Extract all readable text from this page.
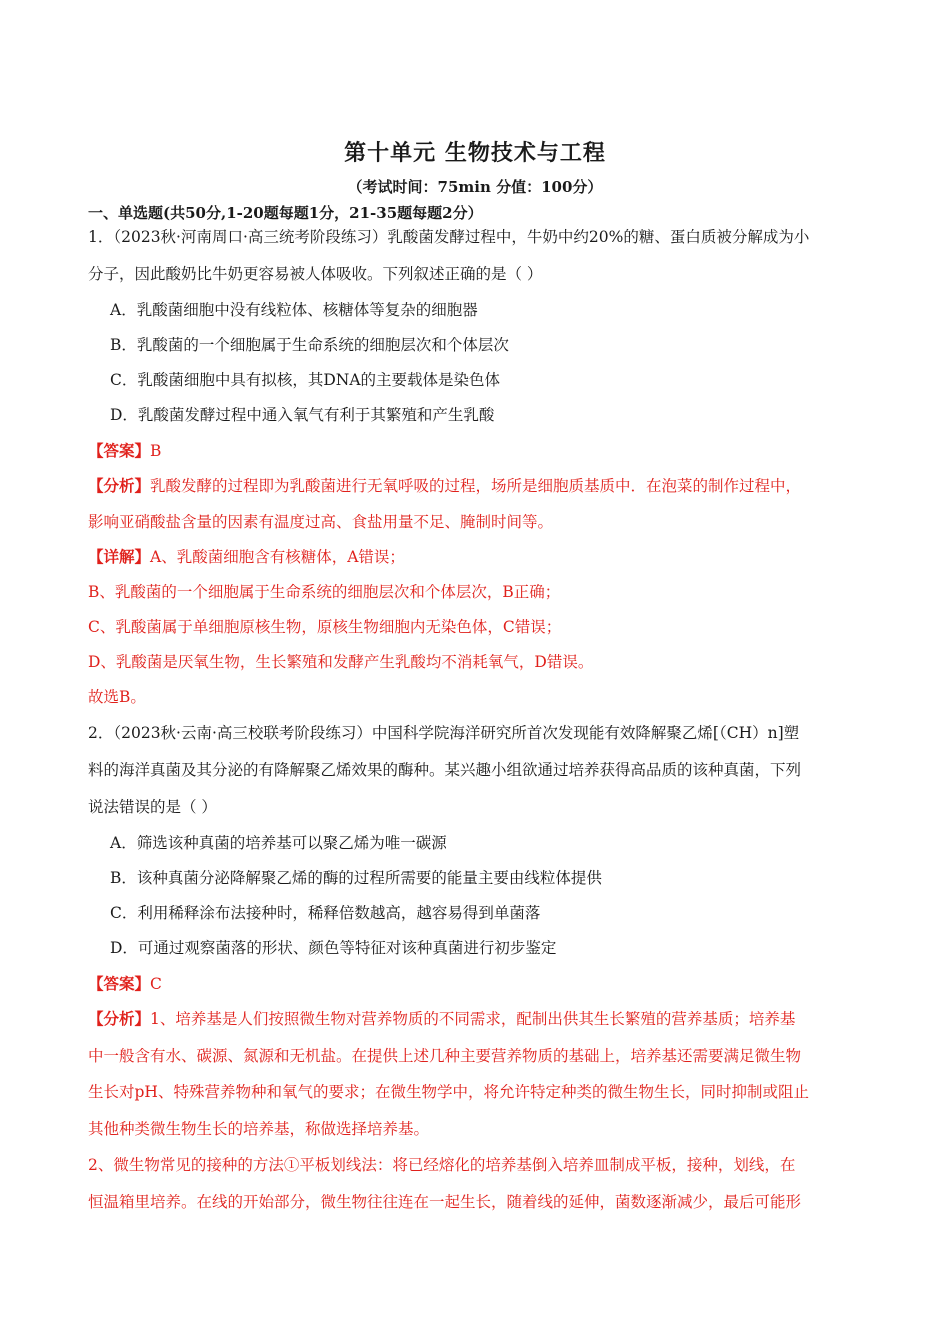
第十单元 生物技术与工程
（考试时间：75min 分值：100分）
一、单选题(共50分,1-20题每题1分，21-35题每题2分）
1．（2023秋·河南周口·高三统考阶段练习）乳酸菌发酵过程中，牛奶中约20%的糖、蛋白质被分解成为小
分子，因此酸奶比牛奶更容易被人体吸收。下列叙述正确的是（ ）
A．乳酸菌细胞中没有线粒体、核糖体等复杂的细胞器
B．乳酸菌的一个细胞属于生命系统的细胞层次和个体层次
C．乳酸菌细胞中具有拟核，其DNA的主要载体是染色体
D．乳酸菌发酵过程中通入氧气有利于其繁殖和产生乳酸
【答案】B
【分析】乳酸发酵的过程即为乳酸菌进行无氧呼吸的过程，场所是细胞质基质中．在泡菜的制作过程中，
影响亚硝酸盐含量的因素有温度过高、食盐用量不足、腌制时间等。
【详解】A、乳酸菌细胞含有核糖体，A错误；
B、乳酸菌的一个细胞属于生命系统的细胞层次和个体层次，B正确；
C、乳酸菌属于单细胞原核生物，原核生物细胞内无染色体，C错误；
D、乳酸菌是厌氧生物，生长繁殖和发酵产生乳酸均不消耗氧气，D错误。
故选B。
2．（2023秋·云南·高三校联考阶段练习）中国科学院海洋研究所首次发现能有效降解聚乙烯[（CH）n]塑
料的海洋真菌及其分泌的有降解聚乙烯效果的酶种。某兴趣小组欲通过培养获得高品质的该种真菌，下列
说法错误的是（ ）
A．筛选该种真菌的培养基可以聚乙烯为唯一碳源
B．该种真菌分泌降解聚乙烯的酶的过程所需要的能量主要由线粒体提供
C．利用稀释涂布法接种时，稀释倍数越高，越容易得到单菌落
D．可通过观察菌落的形状、颜色等特征对该种真菌进行初步鉴定
【答案】C
【分析】1、培养基是人们按照微生物对营养物质的不同需求，配制出供其生长繁殖的营养基质；培养基
中一般含有水、碳源、氮源和无机盐。在提供上述几种主要营养物质的基础上，培养基还需要满足微生物
生长对pH、特殊营养物种和氧气的要求；在微生物学中，将允许特定种类的微生物生长，同时抑制或阻止
其他种类微生物生长的培养基，称做选择培养基。
2、微生物常见的接种的方法①平板划线法：将已经熔化的培养基倒入培养皿制成平板，接种，划线，在
恒温箱里培养。在线的开始部分，微生物往往连在一起生长，随着线的延伸，菌数逐渐减少，最后可能形
